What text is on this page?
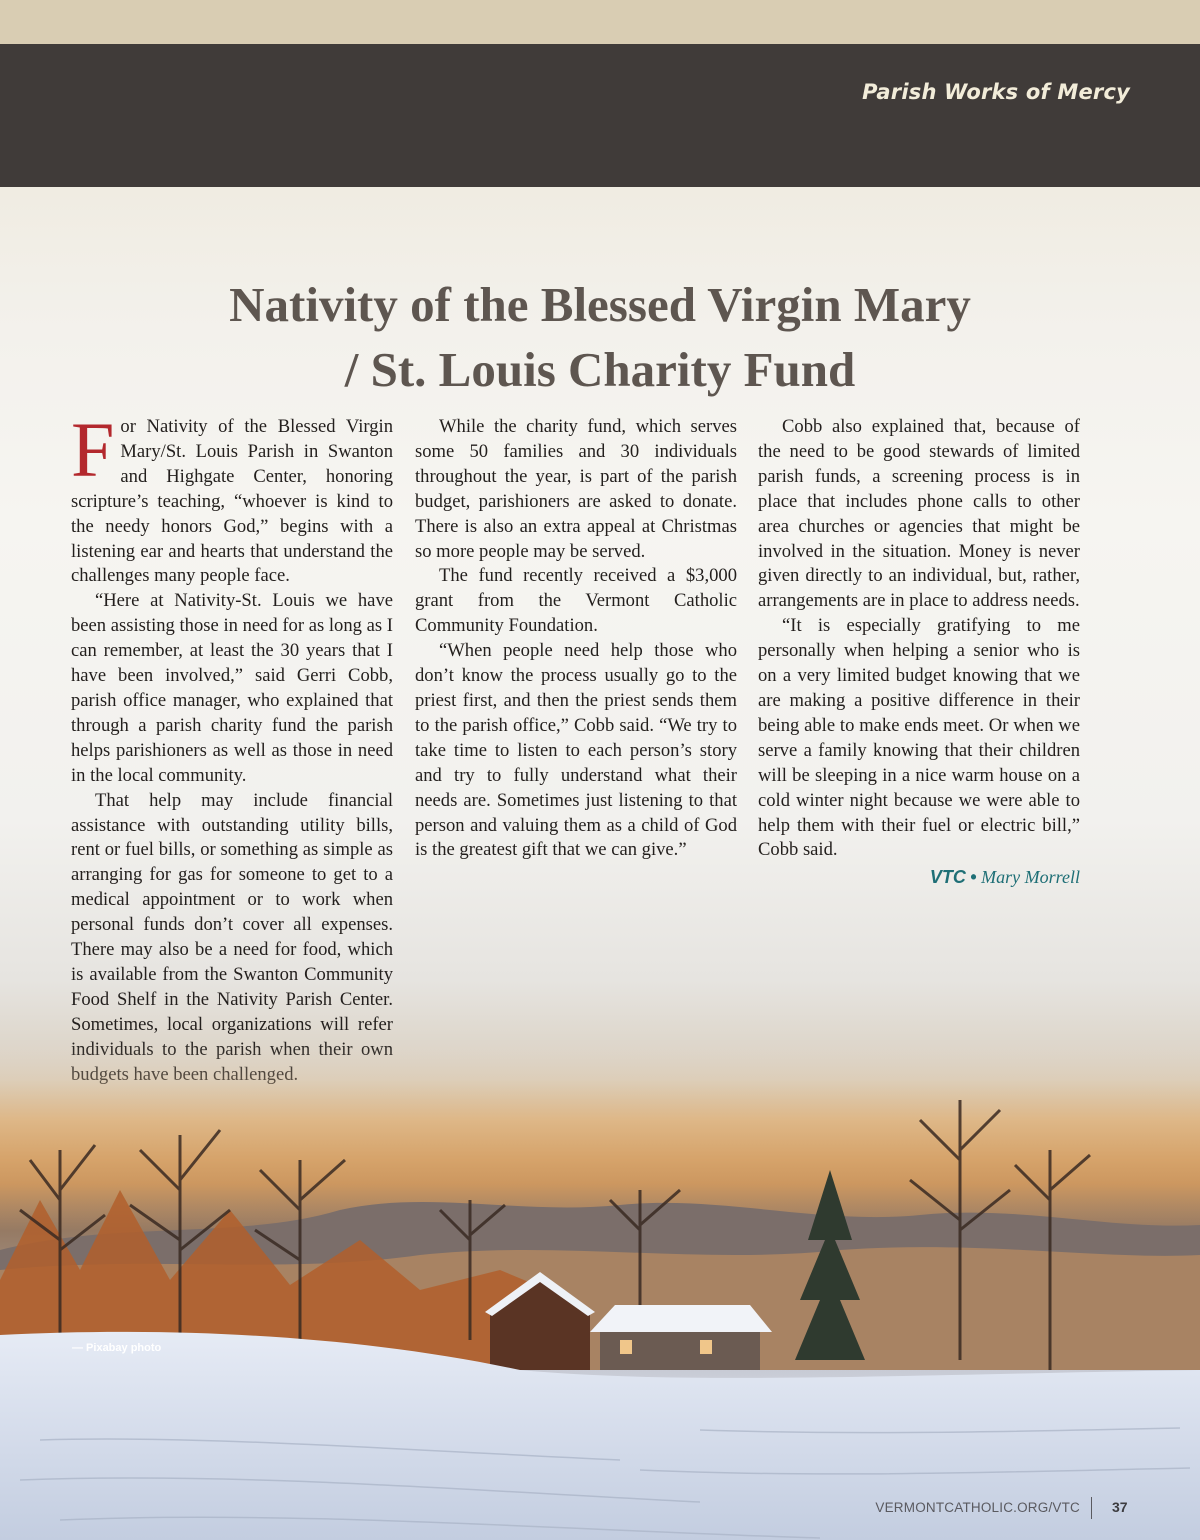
Parish Works of Mercy
Nativity of the Blessed Virgin Mary
/ St. Louis Charity Fund

For Nativity of the Blessed Virgin Mary/St. Louis Parish in Swanton and Highgate Center, honoring scripture’s teaching, “whoever is kind to the needy honors God,” begins with a listening ear and hearts that understand the challenges many people face.

“Here at Nativity-St. Louis we have been assisting those in need for as long as I can remember, at least the 30 years that I have been involved,” said Gerri Cobb, parish office manager, who explained that through a parish charity fund the parish helps parishioners as well as those in need in the local community.

That help may include financial assistance with outstanding utility bills, rent or fuel bills, or something as simple as arranging for gas for someone to get to a medical appointment or to work when personal funds don’t cover all expenses. There may also be a need for food, which is available from the Swanton Community Food Shelf in the Nativity Parish Center. Sometimes, local organizations will refer

While the charity fund, which serves some 50 families and 30 individuals throughout the year, is part of the parish budget, parishioners are asked to donate. There is also an extra appeal at Christmas so more people may be served.

The fund recently received a $3,000 grant from the Vermont Catholic Community Foundation.

“When people need help those who don’t know the process usually go to the priest first, and then the priest sends them to the parish office,” Cobb said. “We try to take time to listen to each person’s story and try to fully understand what their needs are. Sometimes just listening to that person and valuing them as a child of God is the greatest gift that we can give.”

Cobb also explained that, because of the need to be good stewards of limited parish funds, a screening process is in place that includes phone calls to other area churches or agencies that might be involved in the situation. Money is never given directly to an individual, but, rather, arrangements are in place to address needs.

“It is especially gratifying to me personally when helping a senior who is on a very limited budget knowing that we are making a positive difference in their being able to make ends meet. Or when we serve a family knowing that their children will be sleeping in a nice warm house on a cold winter night because we were able to help them with their fuel or electric bill,” Cobb said.

VTC • Mary Morrell
— Pixabay photo
VERMONTCATHOLIC.ORG/VTC 37
